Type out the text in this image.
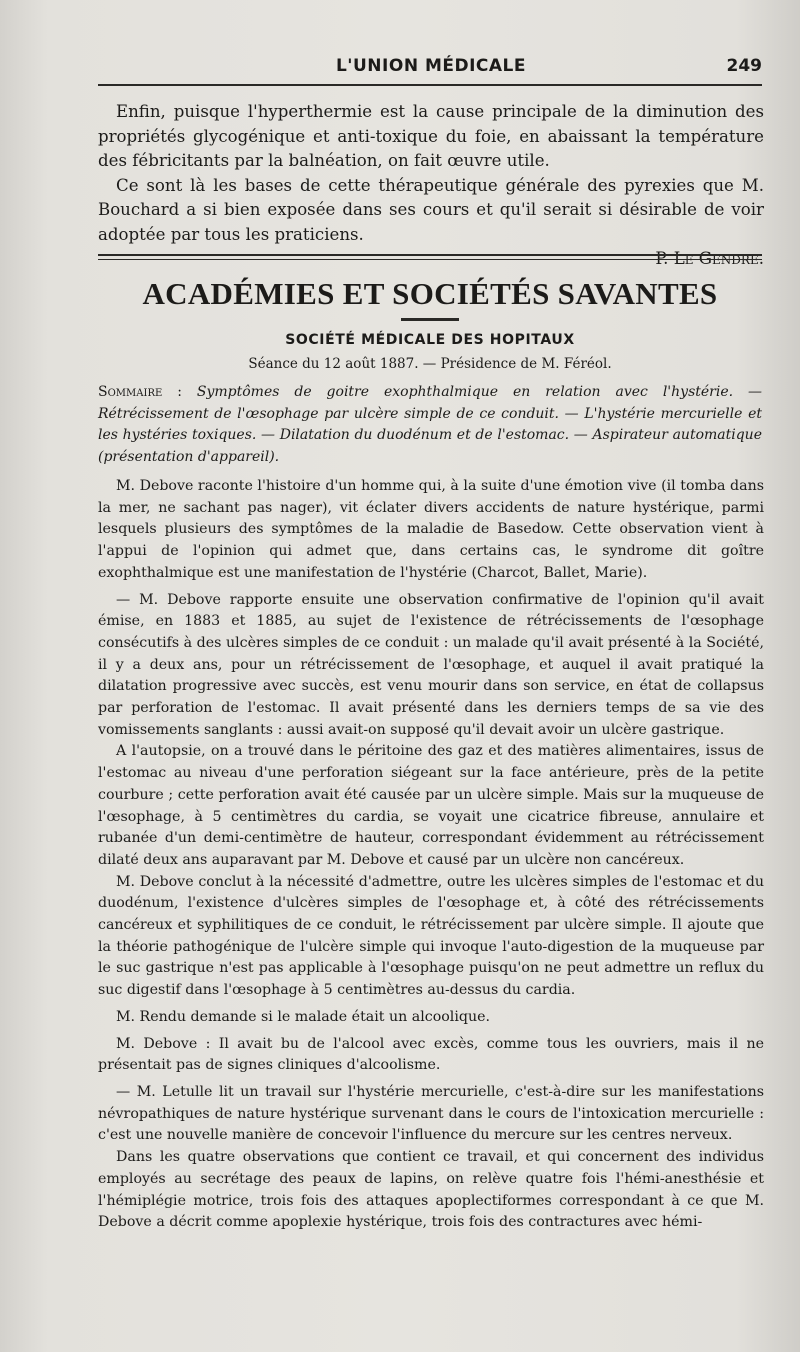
L'UNION MÉDICALE	249

Enfin, puisque l'hyperthermie est la cause principale de la diminution des propriétés glycogénique et anti-toxique du foie, en abaissant la température des fébricitants par la balnéation, on fait œuvre utile.

Ce sont là les bases de cette thérapeutique générale des pyrexies que M. Bouchard a si bien exposée dans ses cours et qu'il serait si désirable de voir adoptée par tous les praticiens.

P. Le Gendre.

ACADÉMIES ET SOCIÉTÉS SAVANTES
SOCIÉTÉ MÉDICALE DES HOPITAUX
Séance du 12 août 1887. — Présidence de M. Féréol.
Sommaire : Symptômes de goitre exophthalmique en relation avec l'hystérie. — Rétrécissement de l'œsophage par ulcère simple de ce conduit. — L'hystérie mercurielle et les hystéries toxiques. — Dilatation du duodénum et de l'estomac. — Aspirateur automatique (présentation d'appareil).

M. Debove raconte l'histoire d'un homme qui, à la suite d'une émotion vive (il tomba dans la mer, ne sachant pas nager), vit éclater divers accidents de nature hystérique, parmi lesquels plusieurs des symptômes de la maladie de Basedow. Cette observation vient à l'appui de l'opinion qui admet que, dans certains cas, le syndrome dit goître exophthalmique est une manifestation de l'hystérie (Charcot, Ballet, Marie).

— M. Debove rapporte ensuite une observation confirmative de l'opinion qu'il avait émise, en 1883 et 1885, au sujet de l'existence de rétrécissements de l'œsophage consécutifs à des ulcères simples de ce conduit : un malade qu'il avait présenté à la Société, il y a deux ans, pour un rétrécissement de l'œsophage, et auquel il avait pratiqué la dilatation progressive avec succès, est venu mourir dans son service, en état de collapsus par perforation de l'estomac. Il avait présenté dans les derniers temps de sa vie des vomissements sanglants : aussi avait-on supposé qu'il devait avoir un ulcère gastrique.

A l'autopsie, on a trouvé dans le péritoine des gaz et des matières alimentaires, issus de l'estomac au niveau d'une perforation siégeant sur la face antérieure, près de la petite courbure ; cette perforation avait été causée par un ulcère simple. Mais sur la muqueuse de l'œsophage, à 5 centimètres du cardia, se voyait une cicatrice fibreuse, annulaire et rubanée d'un demi-centimètre de hauteur, correspondant évidemment au rétrécissement dilaté deux ans auparavant par M. Debove et causé par un ulcère non cancéreux.

M. Debove conclut à la nécessité d'admettre, outre les ulcères simples de l'estomac et du duodénum, l'existence d'ulcères simples de l'œsophage et, à côté des rétrécissements cancéreux et syphilitiques de ce conduit, le rétrécissement par ulcère simple. Il ajoute que la théorie pathogénique de l'ulcère simple qui invoque l'auto-digestion de la muqueuse par le suc gastrique n'est pas applicable à l'œsophage puisqu'on ne peut admettre un reflux du suc digestif dans l'œsophage à 5 centimètres au-dessus du cardia.

M. Rendu demande si le malade était un alcoolique.

M. Debove : Il avait bu de l'alcool avec excès, comme tous les ouvriers, mais il ne présentait pas de signes cliniques d'alcoolisme.

— M. Letulle lit un travail sur l'hystérie mercurielle, c'est-à-dire sur les manifestations névropathiques de nature hystérique survenant dans le cours de l'intoxication mercurielle : c'est une nouvelle manière de concevoir l'influence du mercure sur les centres nerveux.

Dans les quatre observations que contient ce travail, et qui concernent des individus employés au secrétage des peaux de lapins, on relève quatre fois l'hémi-anesthésie et l'hémiplégie motrice, trois fois des attaques apoplectiformes correspondant à ce que M. Debove a décrit comme apoplexie hystérique, trois fois des contractures avec hémi-
